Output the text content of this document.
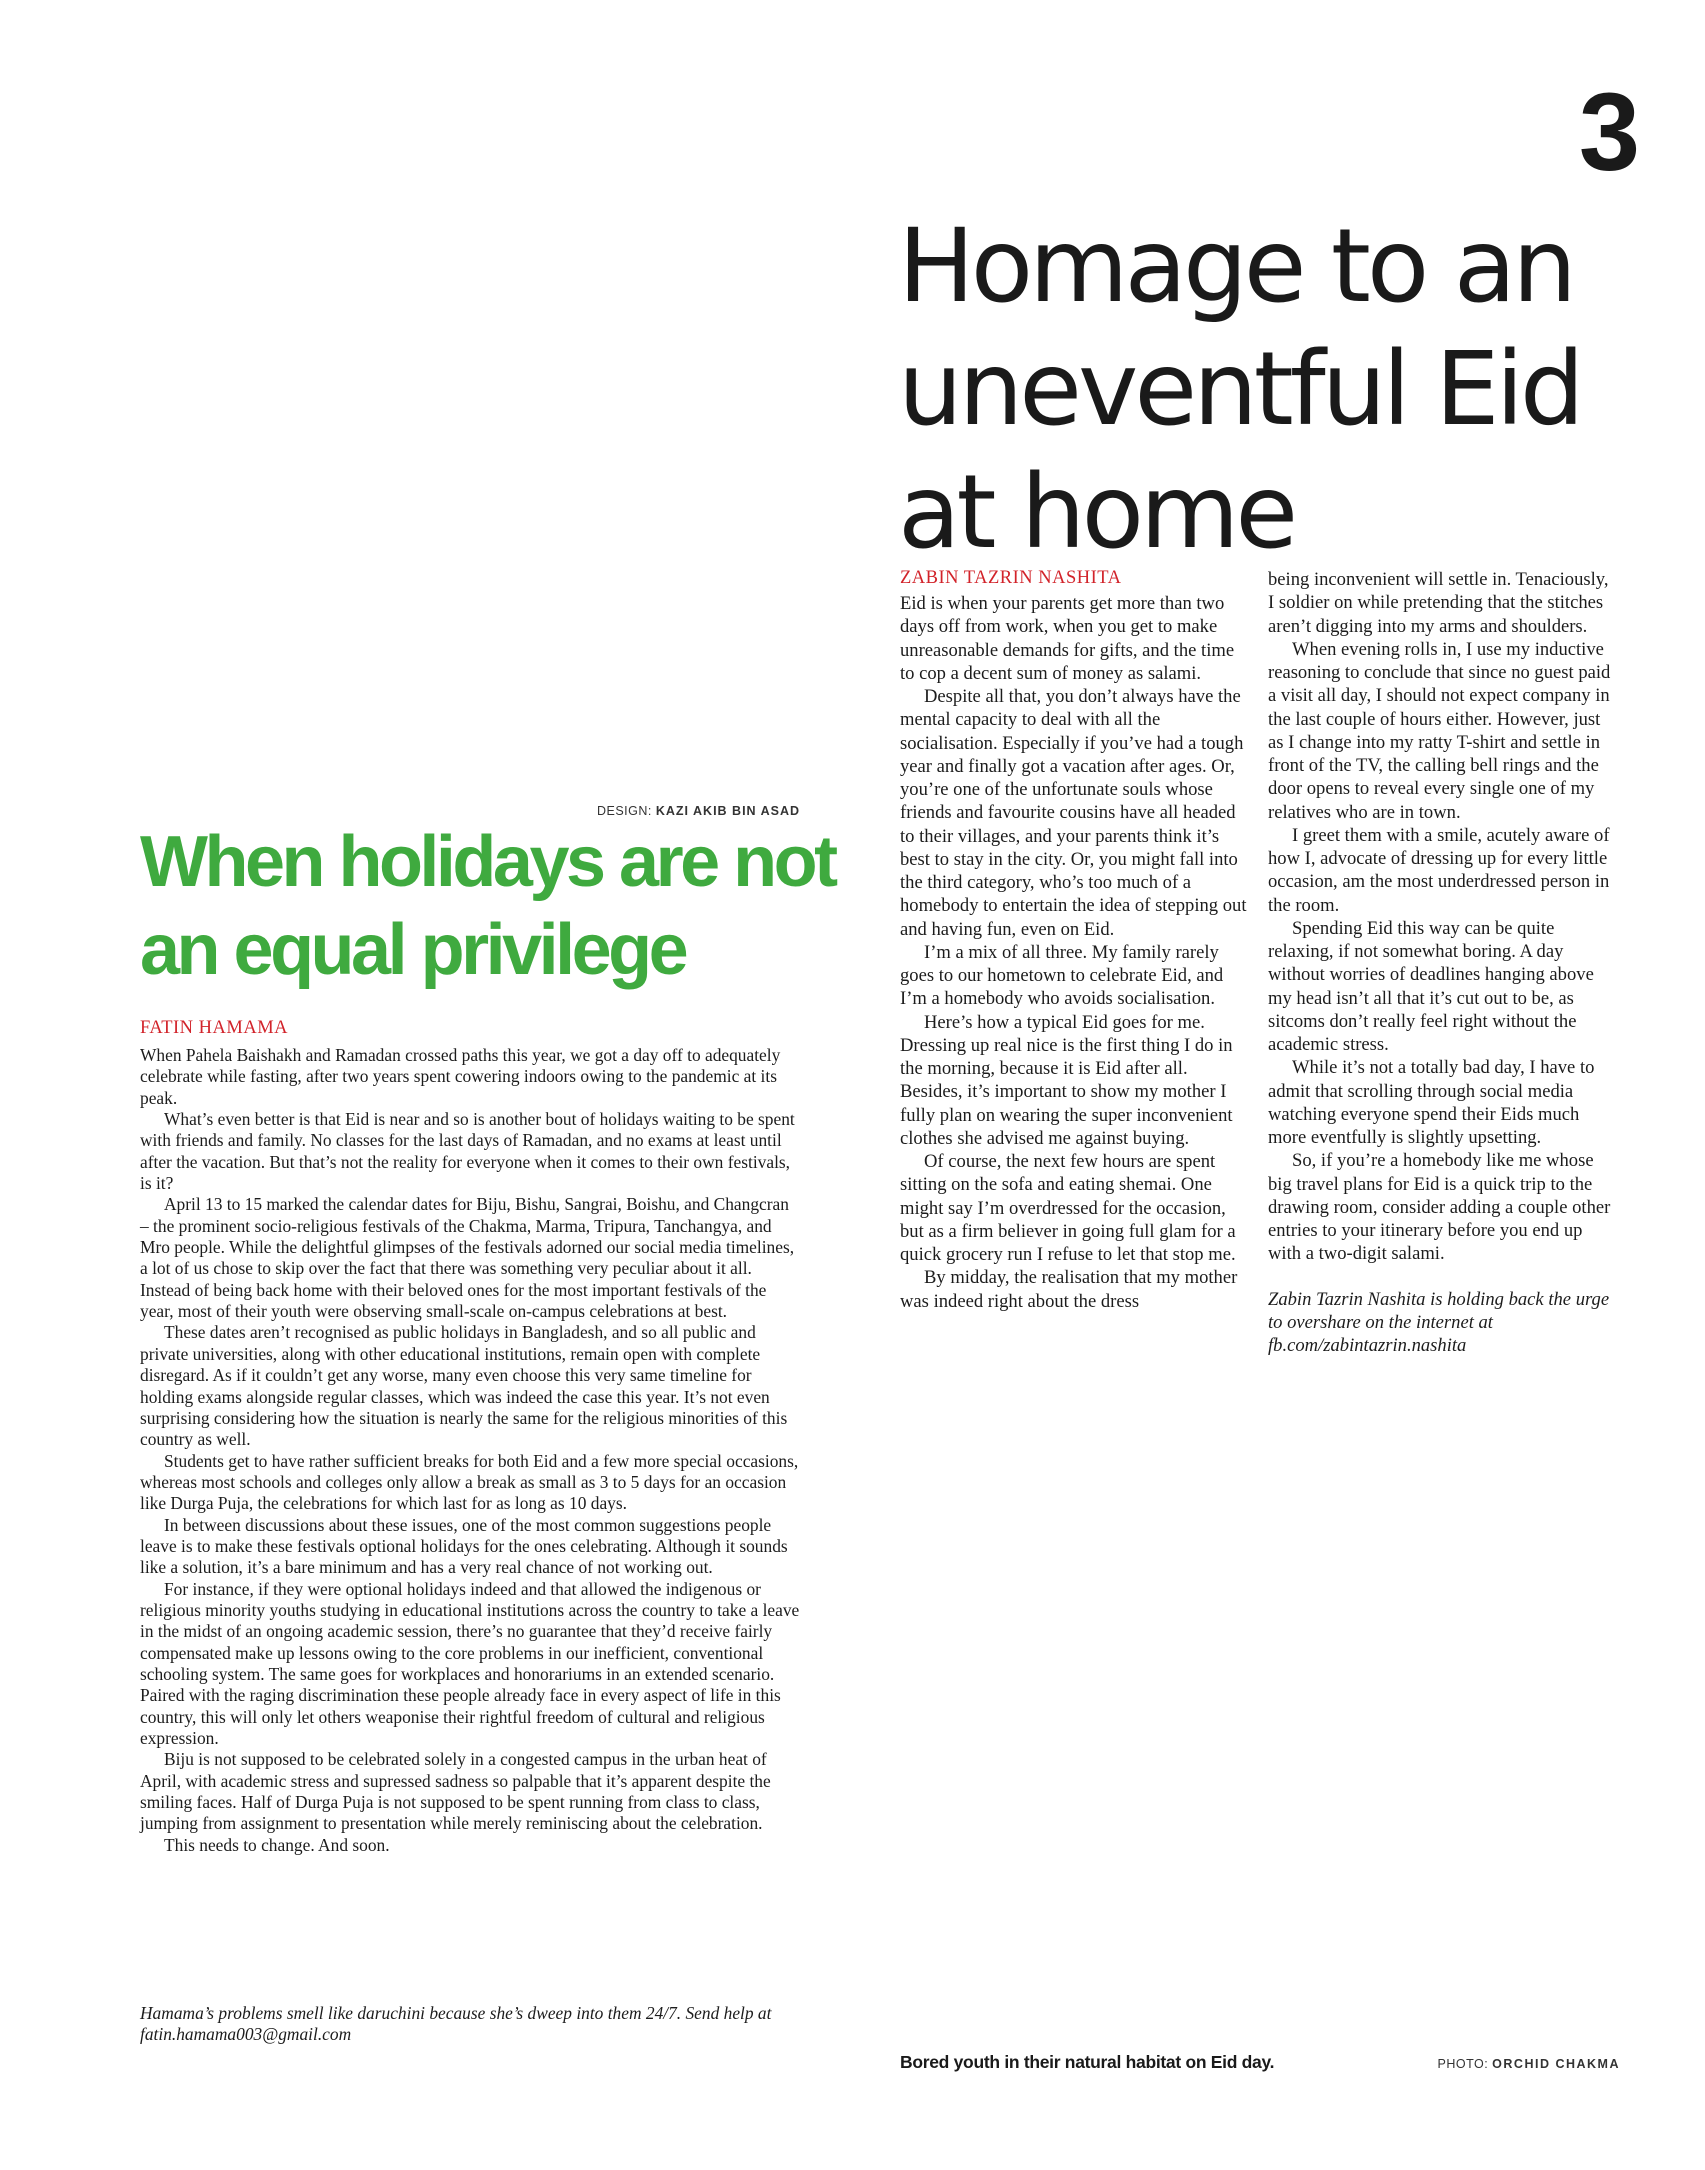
3
Homage to an uneventful Eid at home
ZABIN TAZRIN NASHITA

Eid is when your parents get more than two days off from work, when you get to make unreasonable demands for gifts, and the time to cop a decent sum of money as salami.

Despite all that, you don’t always have the mental capacity to deal with all the socialisation. Especially if you’ve had a tough year and finally got a vacation after ages. Or, you’re one of the unfortunate souls whose friends and favourite cousins have all headed to their villages, and your parents think it’s best to stay in the city. Or, you might fall into the third category, who’s too much of a homebody to entertain the idea of stepping out and having fun, even on Eid.

I’m a mix of all three. My family rarely goes to our hometown to celebrate Eid, and I’m a homebody who avoids socialisation.

Here’s how a typical Eid goes for me. Dressing up real nice is the first thing I do in the morning, because it is Eid after all. Besides, it’s important to show my mother I fully plan on wearing the super inconvenient clothes she advised me against buying.

Of course, the next few hours are spent sitting on the sofa and eating shemai. One might say I’m overdressed for the occasion, but as a firm believer in going full glam for a quick grocery run I refuse to let that stop me.

By midday, the realisation that my mother was indeed right about the dress

being inconvenient will settle in. Tenaciously, I soldier on while pretending that the stitches aren’t digging into my arms and shoulders.

When evening rolls in, I use my inductive reasoning to conclude that since no guest paid a visit all day, I should not expect company in the last couple of hours either. However, just as I change into my ratty T-shirt and settle in front of the TV, the calling bell rings and the door opens to reveal every single one of my relatives who are in town.

I greet them with a smile, acutely aware of how I, advocate of dressing up for every little occasion, am the most underdressed person in the room.

Spending Eid this way can be quite relaxing, if not somewhat boring. A day without worries of deadlines hanging above my head isn’t all that it’s cut out to be, as sitcoms don’t really feel right without the academic stress.

While it’s not a totally bad day, I have to admit that scrolling through social media watching everyone spend their Eids much more eventfully is slightly upsetting.

So, if you’re a homebody like me whose big travel plans for Eid is a quick trip to the drawing room, consider adding a couple other entries to your itinerary before you end up with a two-digit salami.

Zabin Tazrin Nashita is holding back the urge to overshare on the internet at fb.com/zabintazrin.nashita

DESIGN: KAZI AKIB BIN ASAD
When holidays are not an equal privilege
FATIN HAMAMA

When Pahela Baishakh and Ramadan crossed paths this year, we got a day off to adequately celebrate while fasting, after two years spent cowering indoors owing to the pandemic at its peak.

What’s even better is that Eid is near and so is another bout of holidays waiting to be spent with friends and family. No classes for the last days of Ramadan, and no exams at least until after the vacation. But that’s not the reality for everyone when it comes to their own festivals, is it?

April 13 to 15 marked the calendar dates for Biju, Bishu, Sangrai, Boishu, and Changcran – the prominent socio-religious festivals of the Chakma, Marma, Tripura, Tanchangya, and Mro people. While the delightful glimpses of the festivals adorned our social media timelines, a lot of us chose to skip over the fact that there was something very peculiar about it all. Instead of being back home with their beloved ones for the most important festivals of the year, most of their youth were observing small-scale on-campus celebrations at best.

These dates aren’t recognised as public holidays in Bangladesh, and so all public and private universities, along with other educational institutions, remain open with complete disregard. As if it couldn’t get any worse, many even choose this very same timeline for holding exams alongside regular classes, which was indeed the case this year. It’s not even surprising considering how the situation is nearly the same for the religious minorities of this country as well.

Students get to have rather sufficient breaks for both Eid and a few more special occasions, whereas most schools and colleges only allow a break as small as 3 to 5 days for an occasion like Durga Puja, the celebrations for which last for as long as 10 days.

In between discussions about these issues, one of the most common suggestions people leave is to make these festivals optional holidays for the ones celebrating. Although it sounds like a solution, it’s a bare minimum and has a very real chance of not working out.

For instance, if they were optional holidays indeed and that allowed the indigenous or religious minority youths studying in educational institutions across the country to take a leave in the midst of an ongoing academic session, there’s no guarantee that they’d receive fairly compensated make up lessons owing to the core problems in our inefficient, conventional schooling system. The same goes for workplaces and honorariums in an extended scenario. Paired with the raging discrimination these people already face in every aspect of life in this country, this will only let others weaponise their rightful freedom of cultural and religious expression.

Biju is not supposed to be celebrated solely in a congested campus in the urban heat of April, with academic stress and supressed sadness so palpable that it’s apparent despite the smiling faces. Half of Durga Puja is not supposed to be spent running from class to class, jumping from assignment to presentation while merely reminiscing about the celebration.

This needs to change. And soon.

Hamama’s problems smell like daruchini because she’s dweep into them 24/7. Send help at fatin.hamama003@gmail.com
Bored youth in their natural habitat on Eid day.	PHOTO: ORCHID CHAKMA
